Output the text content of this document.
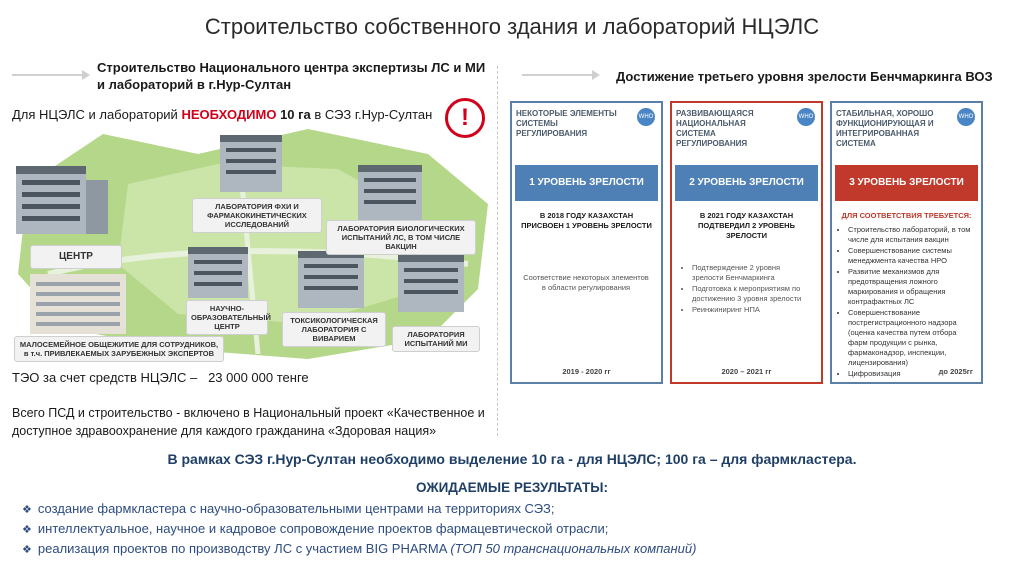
Строительство собственного здания и лабораторий НЦЭЛС
Строительство Национального центра экспертизы ЛС и МИ
и лабораторий в г.Нур-Султан
Достижение третьего уровня зрелости Бенчмаркинга ВОЗ
Для НЦЭЛС и лабораторий НЕОБХОДИМО 10 га в СЭЗ г.Нур-Султан	!
ЦЕНТР
ЛАБОРАТОРИЯ ФХИ И ФАРМАКОКИНЕТИЧЕСКИХ ИССЛЕДОВАНИЙ	ЛАБОРАТОРИЯ БИОЛОГИЧЕСКИХ ИСПЫТАНИЙ ЛС, В ТОМ ЧИСЛЕ ВАКЦИН
НАУЧНО-ОБРАЗОВАТЕЛЬНЫЙ ЦЕНТР
ТОКСИКОЛОГИЧЕСКАЯ ЛАБОРАТОРИЯ С ВИВАРИЕМ	ЛАБОРАТОРИЯ ИСПЫТАНИЙ МИ
МАЛОСЕМЕЙНОЕ ОБЩЕЖИТИЕ ДЛЯ СОТРУДНИКОВ, в т.ч. ПРИВЛЕКАЕМЫХ ЗАРУБЕЖНЫХ ЭКСПЕРТОВ
ТЭО за счет средств НЦЭЛС – 23 000 000 тенге
Всего ПСД и строительство - включено в Национальный проект «Качественное и доступное здравоохранение для каждого гражданина «Здоровая нация»
НЕКОТОРЫЕ ЭЛЕМЕНТЫ СИСТЕМЫ РЕГУЛИРОВАНИЯ
WHO
1 УРОВЕНЬ ЗРЕЛОСТИ
В 2018 ГОДУ КАЗАХСТАН ПРИСВОЕН 1 УРОВЕНЬ ЗРЕЛОСТИ
Соответствие некоторых элементов в области регулирования
2019 - 2020 гг
РАЗВИВАЮЩАЯСЯ НАЦИОНАЛЬНАЯ СИСТЕМА РЕГУЛИРОВАНИЯ
WHO
2 УРОВЕНЬ ЗРЕЛОСТИ
В 2021 ГОДУ КАЗАХСТАН ПОДТВЕРДИЛ 2 УРОВЕНЬ ЗРЕЛОСТИ
• Подтверждение 2 уровня зрелости Бенчмаркинга
• Подготовка к мероприятиям по достижению 3 уровня зрелости
• Реинжиниринг НПА
2020 – 2021 гг
СТАБИЛЬНАЯ, ХОРОШО ФУНКЦИОНИРУЮЩАЯ И ИНТЕГРИРОВАННАЯ СИСТЕМА
WHO
3 УРОВЕНЬ ЗРЕЛОСТИ
ДЛЯ СООТВЕТСТВИЯ ТРЕБУЕТСЯ:
• Строительство лабораторий, в том числе для испытания вакцин
• Совершенствование системы менеджмента качества НРО
• Развитие механизмов для предотвращения ложного маркирования и обращения контрафактных ЛС
• Совершенствование пострегистрационного надзора (оценка качества путем отбора фарм продукции с рынка, фармаконадзор, инспекции, лицензирования)
• Цифровизация	до 2025гг
В рамках СЭЗ г.Нур-Султан необходимо выделение 10 га - для НЦЭЛС; 100 га – для фармкластера.
ОЖИДАЕМЫЕ РЕЗУЛЬТАТЫ:
❖ создание фармкластера с научно-образовательными центрами на территориях СЭЗ;
❖ интеллектуальное, научное и кадровое сопровождение проектов фармацевтической отрасли;
❖ реализация проектов по производству ЛС с участием BIG PHARMA (ТОП 50 транснациональных компаний)
